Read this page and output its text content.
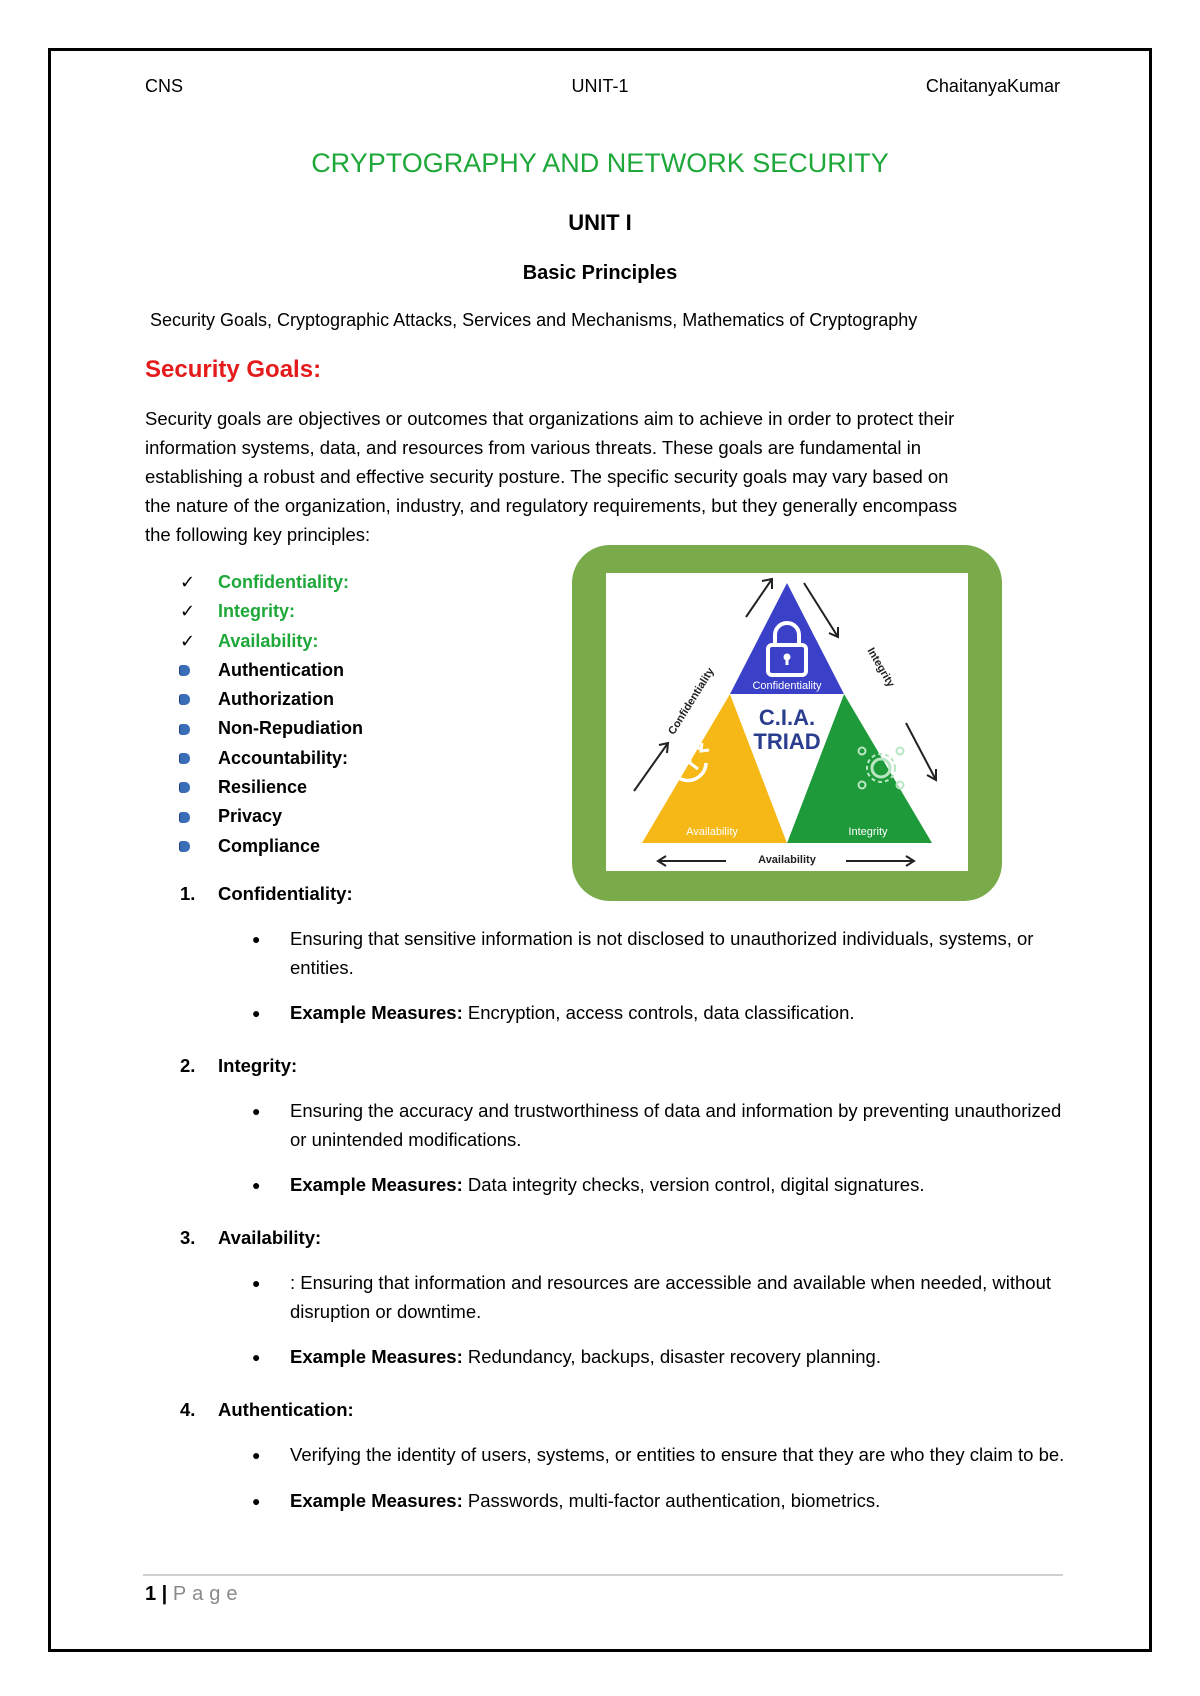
CNS	UNIT-1	ChaitanyaKumar
CRYPTOGRAPHY AND NETWORK SECURITY
UNIT I
Basic Principles
Security Goals, Cryptographic Attacks, Services and Mechanisms, Mathematics of Cryptography
Security Goals:

Security goals are objectives or outcomes that organizations aim to achieve in order to protect their

information systems, data, and resources from various threats. These goals are fundamental in

establishing a robust and effective security posture. The specific security goals may vary based on

the nature of the organization, industry, and regulatory requirements, but they generally encompass

the following key principles:

✓	Confidentiality:
✓	Integrity:
✓	Availability:
Authentication
Authorization
Non-Repudiation
Accountability:
Resilience
Privacy
Compliance
Confidentiality
Availability	Integrity
C.I.A.
TRIAD
Confidentiality	Integrity
Availability
1.	Confidentiality:
●	Ensuring that sensitive information is not disclosed to unauthorized individuals, systems, or entities.
●	Example Measures: Encryption, access controls, data classification.
2.	Integrity:
●	Ensuring the accuracy and trustworthiness of data and information by preventing unauthorized or unintended modifications.
●	Example Measures: Data integrity checks, version control, digital signatures.
3.	Availability:
●	: Ensuring that information and resources are accessible and available when needed, without disruption or downtime.
●	Example Measures: Redundancy, backups, disaster recovery planning.
4.	Authentication:
●	Verifying the identity of users, systems, or entities to ensure that they are who they claim to be.
●	Example Measures: Passwords, multi-factor authentication, biometrics.
1 | Page
